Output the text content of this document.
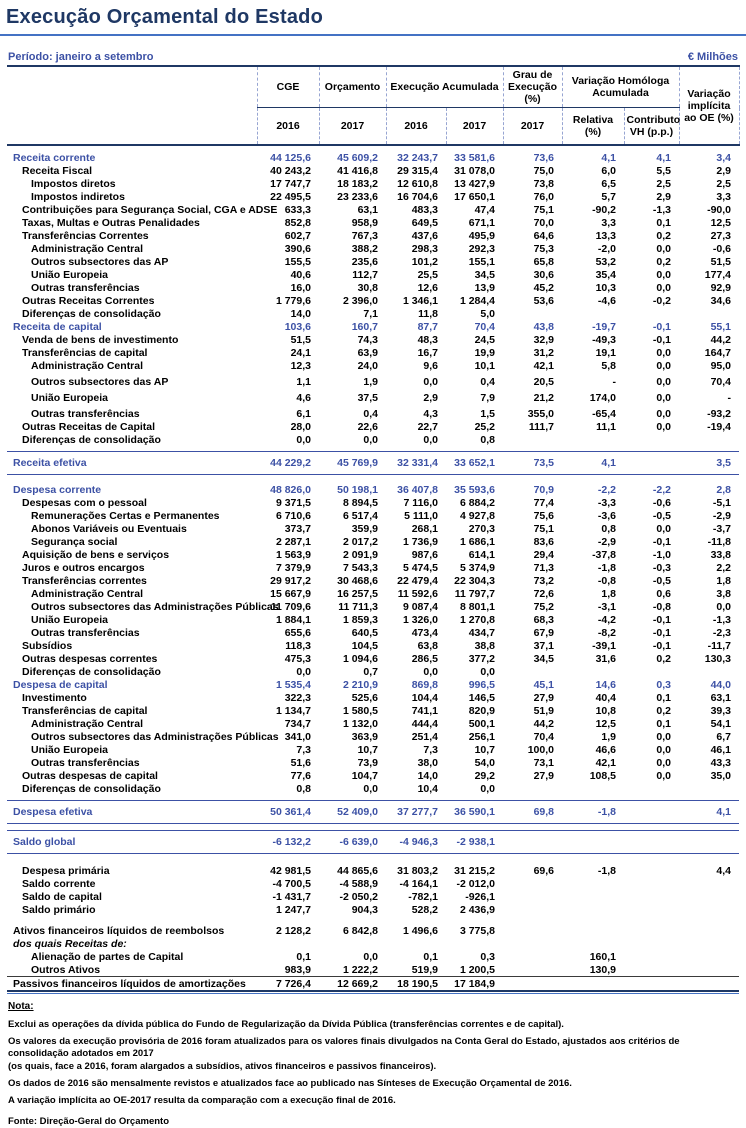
Execução Orçamental do Estado
Período: janeiro a setembro	€ Milhões
	CGE	Orçamento	Execução Acumulada		Grau de Execução (%)	Variação Homóloga Acumulada		Variação implícita ao OE (%)
	2016	2017	2016	2017	2017	Relativa (%)	Contributo VH (p.p.)	

Receita corrente	44 125,6	45 609,2	32 243,7	33 581,6	73,6	4,1	4,1	3,4
Receita Fiscal	40 243,2	41 416,8	29 315,4	31 078,0	75,0	6,0	5,5	2,9
Impostos diretos	17 747,7	18 183,2	12 610,8	13 427,9	73,8	6,5	2,5	2,5
Impostos indiretos	22 495,5	23 233,6	16 704,6	17 650,1	76,0	5,7	2,9	3,3
Contribuições para Segurança Social, CGA e ADSE	633,3	63,1	483,3	47,4	75,1	-90,2	-1,3	-90,0
Taxas, Multas e Outras Penalidades	852,8	958,9	649,5	671,1	70,0	3,3	0,1	12,5
Transferências Correntes	602,7	767,3	437,6	495,9	64,6	13,3	0,2	27,3
Administração Central	390,6	388,2	298,3	292,3	75,3	-2,0	0,0	-0,6
Outros subsectores das AP	155,5	235,6	101,2	155,1	65,8	53,2	0,2	51,5
União Europeia	40,6	112,7	25,5	34,5	30,6	35,4	0,0	177,4
Outras transferências	16,0	30,8	12,6	13,9	45,2	10,3	0,0	92,9
Outras Receitas Correntes	1 779,6	2 396,0	1 346,1	1 284,4	53,6	-4,6	-0,2	34,6
Diferenças de consolidação	14,0	7,1	11,8	5,0				
Receita de capital	103,6	160,7	87,7	70,4	43,8	-19,7	-0,1	55,1
Venda de bens de investimento	51,5	74,3	48,3	24,5	32,9	-49,3	-0,1	44,2
Transferências de capital	24,1	63,9	16,7	19,9	31,2	19,1	0,0	164,7
Administração Central	12,3	24,0	9,6	10,1	42,1	5,8	0,0	95,0

Outros subsectores das AP	1,1	1,9	0,0	0,4	20,5	-	0,0	70,4

União Europeia	4,6	37,5	2,9	7,9	21,2	174,0	0,0	-

Outras transferências	6,1	0,4	4,3	1,5	355,0	-65,4	0,0	-93,2
Outras Receitas de Capital	28,0	22,6	22,7	25,2	111,7	11,1	0,0	-19,4
Diferenças de consolidação	0,0	0,0	0,0	0,8				

Receita efetiva	44 229,2	45 769,9	32 331,4	33 652,1	73,5	4,1		3,5

Despesa corrente	48 826,0	50 198,1	36 407,8	35 593,6	70,9	-2,2	-2,2	2,8
Despesas com o pessoal	9 371,5	8 894,5	7 116,0	6 884,2	77,4	-3,3	-0,6	-5,1
Remunerações Certas e Permanentes	6 710,6	6 517,4	5 111,0	4 927,8	75,6	-3,6	-0,5	-2,9
Abonos Variáveis ou Eventuais	373,7	359,9	268,1	270,3	75,1	0,8	0,0	-3,7
Segurança social	2 287,1	2 017,2	1 736,9	1 686,1	83,6	-2,9	-0,1	-11,8
Aquisição de bens e serviços	1 563,9	2 091,9	987,6	614,1	29,4	-37,8	-1,0	33,8
Juros e outros encargos	7 379,9	7 543,3	5 474,5	5 374,9	71,3	-1,8	-0,3	2,2
Transferências correntes	29 917,2	30 468,6	22 479,4	22 304,3	73,2	-0,8	-0,5	1,8
Administração Central	15 667,9	16 257,5	11 592,6	11 797,7	72,6	1,8	0,6	3,8
Outros subsectores das Administrações Públicas	11 709,6	11 711,3	9 087,4	8 801,1	75,2	-3,1	-0,8	0,0
União Europeia	1 884,1	1 859,3	1 326,0	1 270,8	68,3	-4,2	-0,1	-1,3
Outras transferências	655,6	640,5	473,4	434,7	67,9	-8,2	-0,1	-2,3
Subsídios	118,3	104,5	63,8	38,8	37,1	-39,1	-0,1	-11,7
Outras despesas correntes	475,3	1 094,6	286,5	377,2	34,5	31,6	0,2	130,3
Diferenças de consolidação	0,0	0,7	0,0	0,0				
Despesa de capital	1 535,4	2 210,9	869,8	996,5	45,1	14,6	0,3	44,0
Investimento	322,3	525,6	104,4	146,5	27,9	40,4	0,1	63,1
Transferências de capital	1 134,7	1 580,5	741,1	820,9	51,9	10,8	0,2	39,3
Administração Central	734,7	1 132,0	444,4	500,1	44,2	12,5	0,1	54,1
Outros subsectores das Administrações Públicas	341,0	363,9	251,4	256,1	70,4	1,9	0,0	6,7
União Europeia	7,3	10,7	7,3	10,7	100,0	46,6	0,0	46,1
Outras transferências	51,6	73,9	38,0	54,0	73,1	42,1	0,0	43,3
Outras despesas de capital	77,6	104,7	14,0	29,2	27,9	108,5	0,0	35,0
Diferenças de consolidação	0,8	0,0	10,4	0,0				

Despesa efetiva	50 361,4	52 409,0	37 277,7	36 590,1	69,8	-1,8		4,1

Saldo global	-6 132,2	-6 639,0	-4 946,3	-2 938,1				

Despesa primária	42 981,5	44 865,6	31 803,2	31 215,2	69,6	-1,8		4,4
Saldo corrente	-4 700,5	-4 588,9	-4 164,1	-2 012,0				
Saldo de capital	-1 431,7	-2 050,2	-782,1	-926,1				
Saldo primário	1 247,7	904,3	528,2	2 436,9				

Ativos financeiros líquidos de reembolsos	2 128,2	6 842,8	1 496,6	3 775,8				
dos quais Receitas de:								
Alienação de partes de Capital	0,1	0,0	0,1	0,3		160,1		
Outros Ativos	983,9	1 222,2	519,9	1 200,5		130,9		
Passivos financeiros líquidos de amortizações	7 726,4	12 669,2	18 190,5	17 184,9				
Nota:
Exclui as operações da dívida pública do Fundo de Regularização da Dívida Pública (transferências correntes e de capital).
Os valores da execução provisória de 2016 foram atualizados para os valores finais divulgados na Conta Geral do Estado, ajustados aos critérios de consolidação adotados em 2017
(os quais, face a 2016, foram alargados a subsídios, ativos financeiros e passivos financeiros).
Os dados de 2016 são mensalmente revistos e atualizados face ao publicado nas Sínteses de Execução Orçamental de 2016.
A variação implícita ao OE-2017 resulta da comparação com a execução final de 2016.
Fonte: Direção-Geral do Orçamento
